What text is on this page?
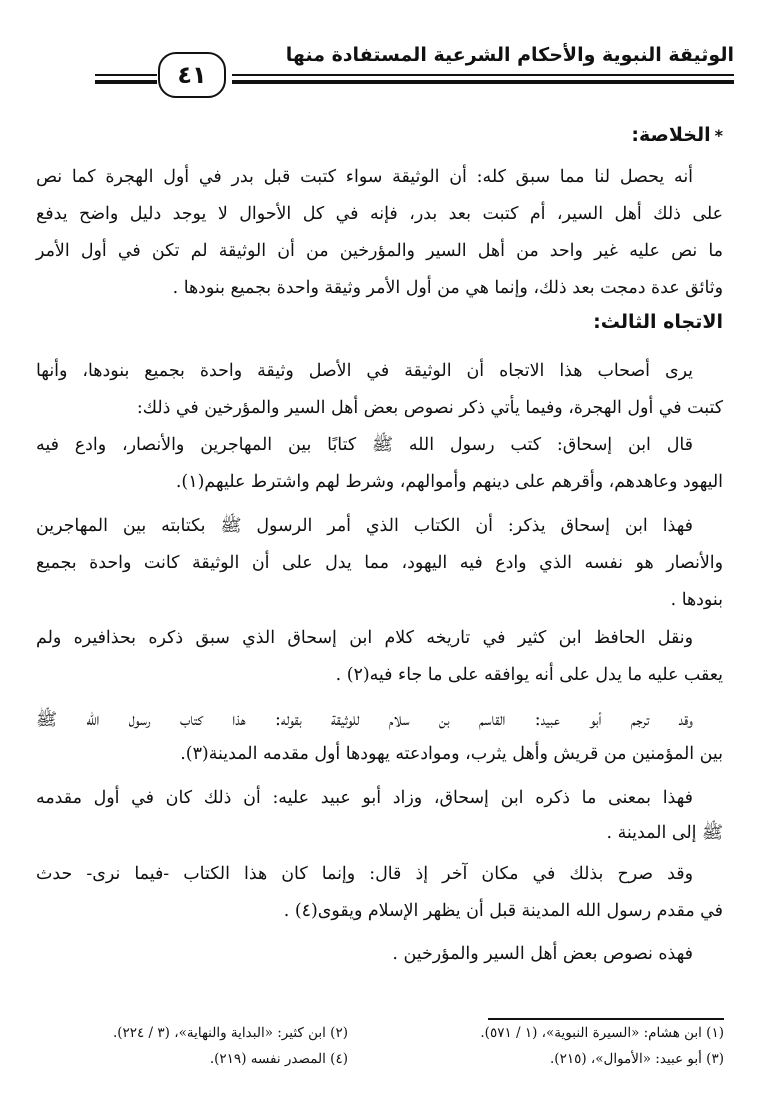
الوثيقة النبوية والأحكام الشرعية المستفادة منها
٤١
*الخلاصة:
أنه يحصل لنا مما سبق كله: أن الوثيقة سواء كتبت قبل بدر في أول الهجرة كما نص
على ذلك أهل السير، أم كتبت بعد بدر، فإنه في كل الأحوال لا يوجد دليل واضح يدفع
ما نص عليه غير واحد من أهل السير والمؤرخين من أن الوثيقة لم تكن في أول الأمر
وثائق عدة دمجت بعد ذلك، وإنما هي من أول الأمر وثيقة واحدة بجميع بنودها .
الاتجاه الثالث:
يرى أصحاب هذا الاتجاه أن الوثيقة في الأصل وثيقة واحدة بجميع بنودها، وأنها
كتبت في أول الهجرة، وفيما يأتي ذكر نصوص بعض أهل السير والمؤرخين في ذلك:
قال ابن إسحاق: كتب رسول الله ﷺ كتابًا بين المهاجرين والأنصار، وادع فيه
اليهود وعاهدهم، وأقرهم على دينهم وأموالهم، وشرط لهم واشترط عليهم(١).
فهذا ابن إسحاق يذكر: أن الكتاب الذي أمر الرسول ﷺ بكتابته بين المهاجرين
والأنصار هو نفسه الذي وادع فيه اليهود، مما يدل على أن الوثيقة كانت واحدة بجميع
بنودها .
ونقل الحافظ ابن كثير في تاريخه كلام ابن إسحاق الذي سبق ذكره بحذافيره ولم
يعقب عليه ما يدل على أنه يوافقه على ما جاء فيه(٢) .
وقد ترجم أبو عبيد: القاسم بن سلام للوثيقة بقوله: هذا كتاب رسول الله ﷺ
بين المؤمنين من قريش وأهل يثرب، وموادعته يهودها أول مقدمه المدينة(٣).
فهذا بمعنى ما ذكره ابن إسحاق، وزاد أبو عبيد عليه: أن ذلك كان في أول مقدمه
ﷺ إلى المدينة .
وقد صرح بذلك في مكان آخر إذ قال: وإنما كان هذا الكتاب -فيما نرى- حدث
في مقدم رسول الله المدينة قبل أن يظهر الإسلام ويقوى(٤) .
فهذه نصوص بعض أهل السير والمؤرخين .
(١) ابن هشام: «السيرة النبوية»، (١ / ٥٧١).
(٢) ابن كثير: «البداية والنهاية»، (٣ / ٢٢٤).
(٣) أبو عبيد: «الأموال»، (٢١٥).
(٤) المصدر نفسه (٢١٩).
